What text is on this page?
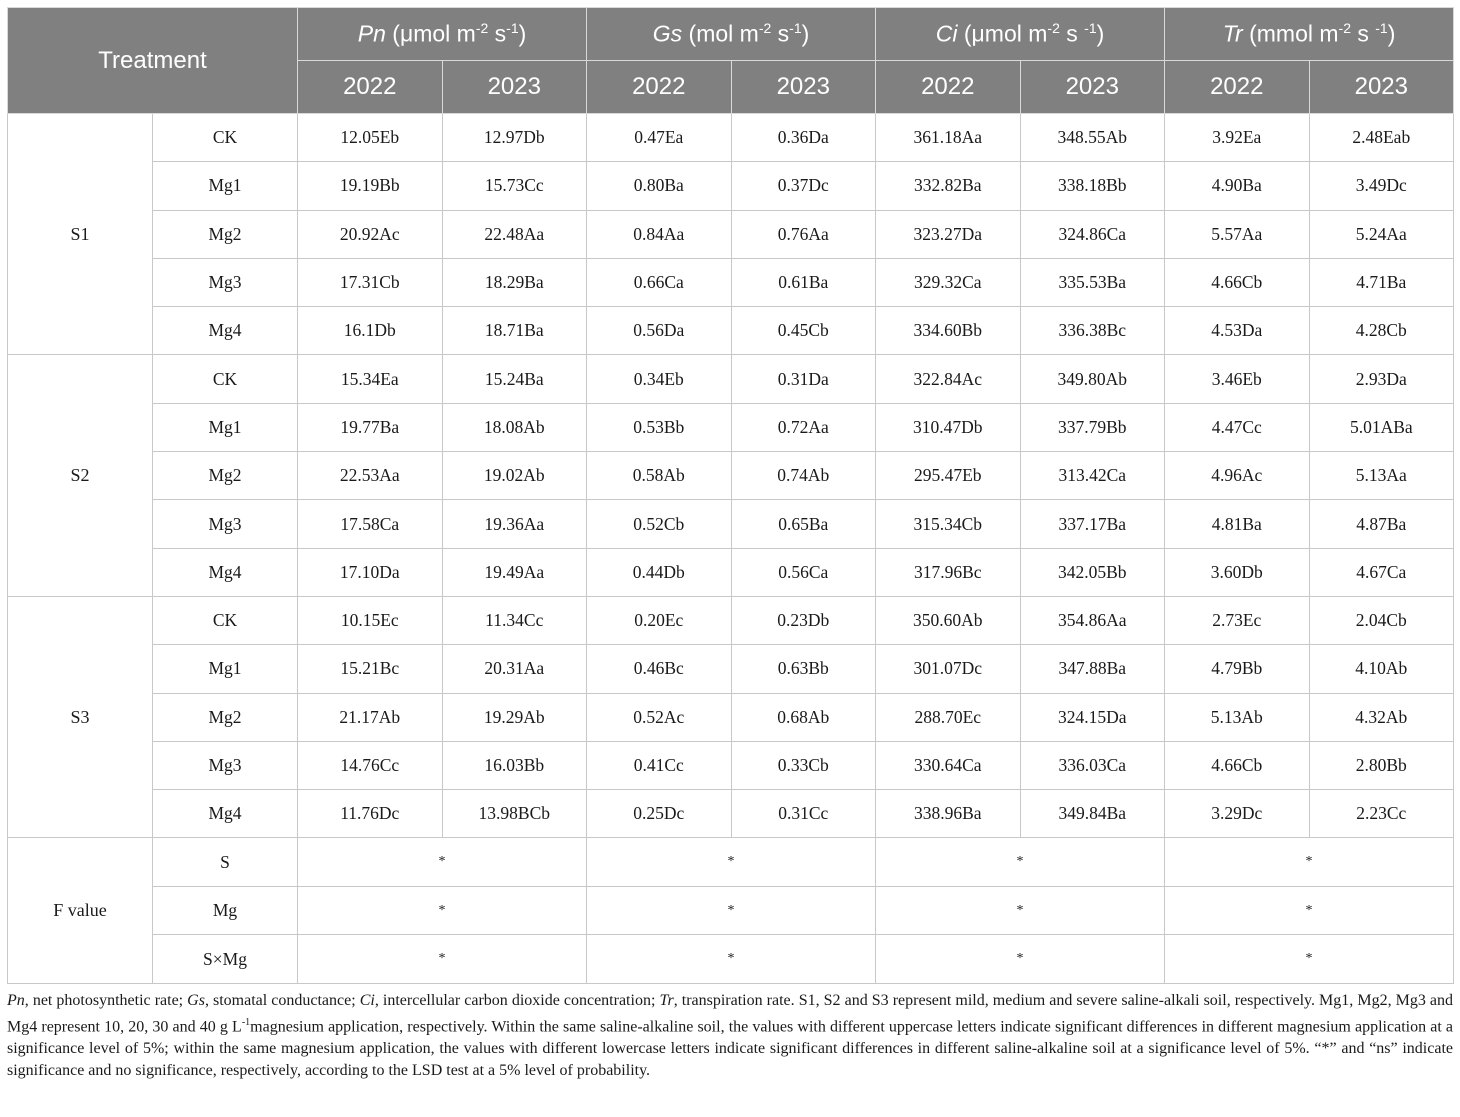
Treatment		Pn (μmol $m^{-2}$ $s^{-1}$)		Gs (mol $m^{-2}$ $s^{-1}$)		Ci (μmol $m^{-2}$ s $^{-1}$)		Tr (mmol $m^{-2}$ s $^{-1}$)	
		2022	2023	2022	2023	2022	2023	2022	2023
S1	CK	12.05Eb	12.97Db	0.47Ea	0.36Da	361.18Aa	348.55Ab	3.92Ea	2.48Eab
	Mg1	19.19Bb	15.73Cc	0.80Ba	0.37Dc	332.82Ba	338.18Bb	4.90Ba	3.49Dc
	Mg2	20.92Ac	22.48Aa	0.84Aa	0.76Aa	323.27Da	324.86Ca	5.57Aa	5.24Aa
	Mg3	17.31Cb	18.29Ba	0.66Ca	0.61Ba	329.32Ca	335.53Ba	4.66Cb	4.71Ba
	Mg4	16.1Db	18.71Ba	0.56Da	0.45Cb	334.60Bb	336.38Bc	4.53Da	4.28Cb
S2	CK	15.34Ea	15.24Ba	0.34Eb	0.31Da	322.84Ac	349.80Ab	3.46Eb	2.93Da
	Mg1	19.77Ba	18.08Ab	0.53Bb	0.72Aa	310.47Db	337.79Bb	4.47Cc	5.01ABa
	Mg2	22.53Aa	19.02Ab	0.58Ab	0.74Ab	295.47Eb	313.42Ca	4.96Ac	5.13Aa
	Mg3	17.58Ca	19.36Aa	0.52Cb	0.65Ba	315.34Cb	337.17Ba	4.81Ba	4.87Ba
	Mg4	17.10Da	19.49Aa	0.44Db	0.56Ca	317.96Bc	342.05Bb	3.60Db	4.67Ca
S3	CK	10.15Ec	11.34Cc	0.20Ec	0.23Db	350.60Ab	354.86Aa	2.73Ec	2.04Cb
	Mg1	15.21Bc	20.31Aa	0.46Bc	0.63Bb	301.07Dc	347.88Ba	4.79Bb	4.10Ab
	Mg2	21.17Ab	19.29Ab	0.52Ac	0.68Ab	288.70Ec	324.15Da	5.13Ab	4.32Ab
	Mg3	14.76Cc	16.03Bb	0.41Cc	0.33Cb	330.64Ca	336.03Ca	4.66Cb	2.80Bb
	Mg4	11.76Dc	13.98BCb	0.25Dc	0.31Cc	338.96Ba	349.84Ba	3.29Dc	2.23Cc
F value	S	*		*		*		*	
	Mg	*		*		*		*	
	S×Mg	*		*		*		*	
Pn, net photosynthetic rate; Gs, stomatal conductance; Ci, intercellular carbon dioxide concentration; Tr, transpiration rate. S1, S2 and S3 represent mild, medium and severe saline-alkali soil, respectively. Mg1, Mg2, Mg3 and Mg4 represent 10, 20, 30 and 40 g $L^{-1}magnesium$ application, respectively. Within the same saline-alkaline soil, the values with different uppercase letters indicate significant differences in different magnesium application at a significance level of 5%; within the same magnesium application, the values with different lowercase letters indicate significant differences in different saline-alkaline soil at a significance level of 5%. “*” and “ns” indicate significance and no significance, respectively, according to the LSD test at a 5% level of probability.
